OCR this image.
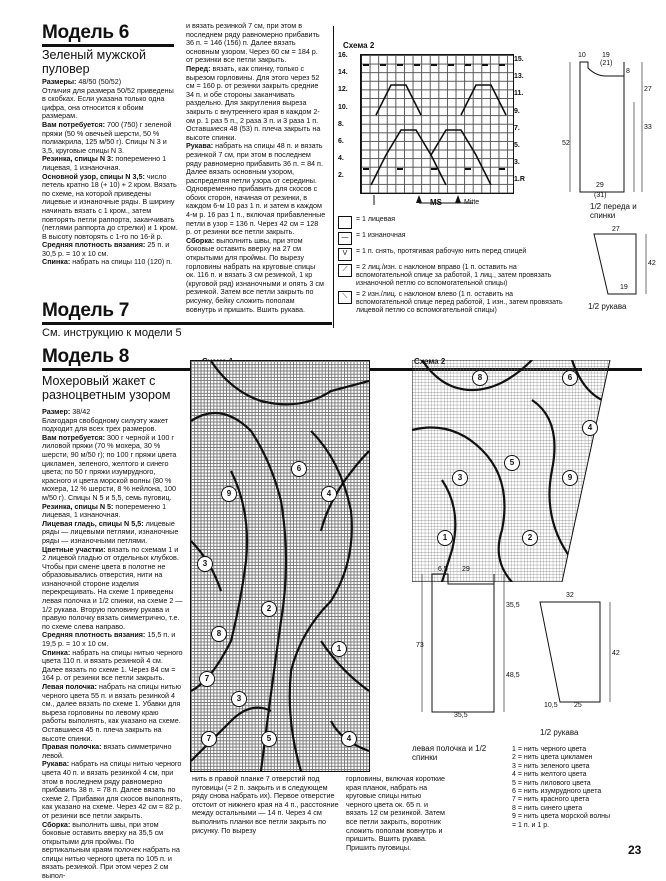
Модель 6
Зеленый мужской пуловер

Размеры: 48/50 (50/52)

Отличия для размера 50/52 приведены в скобках. Если указана только одна цифра, она относится к обоим размерам.

Вам потребуется: 700 (750) г зеленой пряжи (50 % овечьей шерсти, 50 % полиакрила, 125 м/50 г). Спицы N 3 и 3,5, круговые спицы N 3.

Резинка, спицы N 3: попеременно 1 лицевая, 1 изнаночная.

Основной узор, спицы N 3,5: число петель кратно 18 (+ 10) + 2 кром. Вязать по схеме, на которой приведены лицевые и изнаночные ряды. В ширину начинать вязать с 1 кром., затем повторять петли раппорта, заканчивать (петлями раппорта до стрелки) и 1 кром. В высоту повторять с 1-го по 16-й р.

Средняя плотность вязания: 25 п. и 30,5 р. = 10 х 10 см.

Спинка: набрать на спицы 110 (120) п.

и вязать резинкой 7 см, при этом в последнем ряду равномерно прибавить 36 п. = 146 (156) п. Далее вязать основным узором. Через 60 см = 184 р. от резинки все петли закрыть.

Перед: вязать, как спинку, только с вырезом горловины. Для этого через 52 см = 160 р. от резинки закрыть средние 34 п. и обе стороны заканчивать раздельно. Для закругления выреза закрыть с внутреннего края в каждом 2-ом р. 1 раз 5 п., 2 раза 3 п. и 3 раза 1 п. Оставшиеся 48 (53) п. плеча закрыть на высоте спинки.

Рукава: набрать на спицы 48 п. и вязать резинкой 7 см, при этом в последнем ряду равномерно прибавить 36 п. = 84 п. Далее вязать основным узором, распределяя петли узора от середины. Одновременно прибавить для скосов с обоих сторон, начиная от резинки, в каждом 6-м 10 раз 1 п. и затем в каждом 4-м р. 16 раз 1 п., включая прибавленные петли в узор = 136 п. Через 42 см = 128 р. от резинки все петли закрыть.

Сборка: выполнить швы, при этом боковые оставить вверху на 27 см открытыми для проймы. По вырезу горловины набрать на круговые спицы ок. 116 п. и вязать 3 см резинкой, 1 кр (круговой ряд) изнаночными и опять 3 см резинкой. Затем все петли закрыть по рисунку, бейку сложить пополам вовнутрь и пришить. Вшить рукава.

Схема 2
16.
14.
12.
10.
8.
6.
4.
2.
15.
13.
11.
9.
7.
5.
3.
1.R
MS	Mitte
= 1 лицевая
—	= 1 изнаночная
V	= 1 п. снять, протягивая рабочую нить перед спицей
⟋	= 2 лиц./изн. с наклоном вправо (1 п. оставить на вспомогательной спице за работой, 1 лиц., затем провязать изнаночной петлю со вспомогательной спицы)
⟍	= 2 изн./лиц. с наклоном влево (1 п. оставить на вспомогательной спице перед работой, 1 изн., затем провязать лицевой петлю со вспомогательной спицы)
10 19
(21)
52
27
33
8
29
(31)
1/2 переда и спинки
27
42
19
1/2 рукава
Модель 7
См. инструкцию к модели 5
Модель 8
Мохеровый жакет с разноцветным узором

Размер: 38/42

Благодаря свободному силуэту жакет подходит для всех трех размеров.

Вам потребуется: 300 г черной и 100 г лиловой пряжи (70 % мохера, 30 % шерсти, 90 м/50 г); по 100 г пряжи цвета цикламен, зеленого, желтого и синего цвета; по 50 г пряжи изумрудного, красного и цвета морской волны (80 % мохера, 12 % шерсти, 8 % нейлона, 100 м/50 г). Спицы N 5 и 5,5, семь пуговиц.

Резинка, спицы N 5: попеременно 1 лицевая, 1 изнаночная.

Лицевая гладь, спицы N 5,5: лицевые ряды — лицевыми петлями, изнаночные ряды — изнаночными петлями.

Цветные участки: вязать по схемам 1 и 2 лицевой гладью от отдельных клубков. Чтобы при смене цвета в полотне не образовывались отверстия, нити на изнаночной стороне изделия перекрещивать. На схеме 1 приведены левая полочка и 1/2 спинки, на схеме 2 — 1/2 рукава. Вторую половину рукава и правую полочку вязать симметрично, т.е. по схеме слева направо.

Средняя плотность вязания: 15,5 п. и 19,5 р. = 10 х 10 см.

Спинка: набрать на спицы нитью черного цвета 110 п. и вязать резинкой 4 см. Далее вязать по схеме 1. Через 84 см = 164 р. от резинки все петли закрыть.

Левая полочка: набрать на спицы нитью черного цвета 55 п. и вязать резинкой 4 см., далее вязать по схеме 1. Убавки для выреза горловины по левому краю работы выполнять, как указано на схеме. Оставшиеся 45 п. плеча закрыть на высоте спинки.

Правая полочка: вязать симметрично левой.

Рукава: набрать на спицы нитью черного цвета 40 п. и вязать резинкой 4 см, при этом в последнем ряду равномерно прибавить 38 п. = 78 п. Далее вязать по схеме 2. Прибавки для скосов выполнять, как указано на схеме. Через 42 см = 82 р. от резинки все петли закрыть.

Сборка: выполнить швы, при этом боковые оставить вверху на 35,5 см открытыми для проймы. По вертикальным краям полочек набрать на спицы нитью черного цвета по 105 п. и вязать резинкой. При этом через 2 см выпол-

6
4
9
3
8
2
7
1
3
5
7	4
8	6
5
3
1
9
4
2
6,5 29
35,5
73
48,5
35,5
левая полочка и 1/2 спинки
32
42
10,5 25
1/2 рукава
1 = нить черного цвета
2 = нить цвета цикламен
3 = нить зеленого цвета
4 = нить желтого цвета
5 = нить лилового цвета
6 = нить изумрудного цвета
7 = нить красного цвета
8 = нить синего цвета
9 = нить цвета морской волны
= 1 п. и 1 р.
нить в правой планке 7 отверстий под пуговицы (= 2 п. закрыть и в следующем ряду снова набрать их). Первое отверстие отстоит от нижнего края на 4 п., расстояние между остальными — 14 п. Через 4 см выполнить планки все петли закрыть по рисунку. По вырезу
горловины, включая короткие края планок, набрать на круговые спицы нитью черного цвета ок. 65 п. и вязать 12 см резинкой. Затем все петли закрыть, воротник сложить пополам вовнутрь и пришить. Вшить рукава. Пришить пуговицы.	23
